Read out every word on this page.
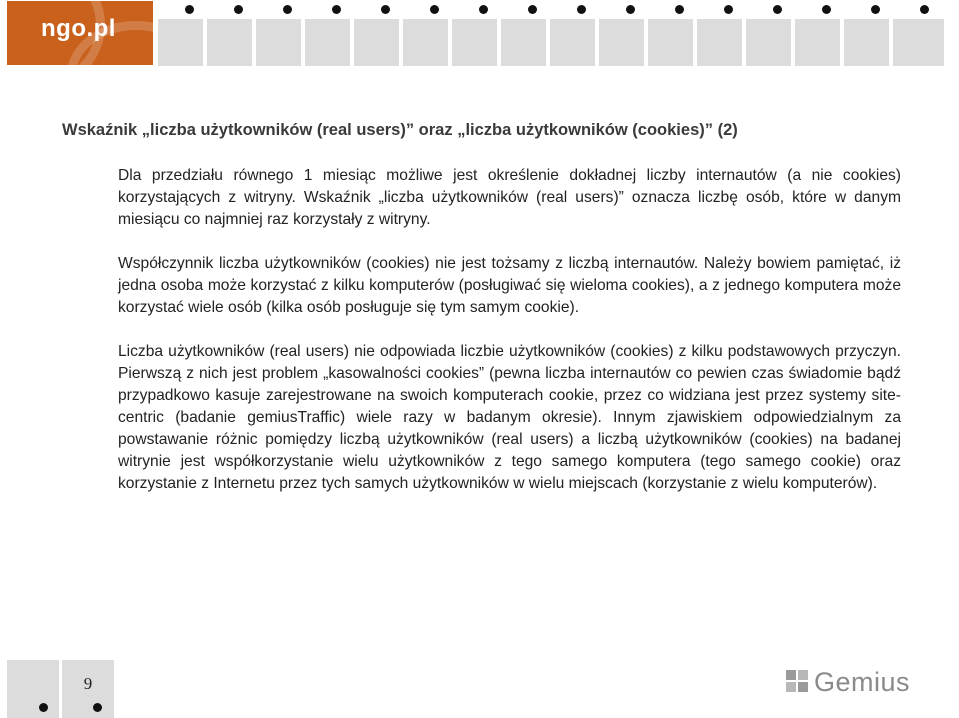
ngo.pl
Wskaźnik „liczba użytkowników (real users)” oraz „liczba użytkowników (cookies)” (2)

Dla przedziału równego 1 miesiąc możliwe jest określenie dokładnej liczby internautów (a nie cookies) korzystających z witryny. Wskaźnik „liczba użytkowników (real users)” oznacza liczbę osób, które w danym miesiącu co najmniej raz korzystały z witryny.

Współczynnik liczba użytkowników (cookies) nie jest tożsamy z liczbą internautów. Należy bowiem pamiętać, iż jedna osoba może korzystać z kilku komputerów (posługiwać się wieloma cookies), a z jednego komputera może korzystać wiele osób (kilka osób posługuje się tym samym cookie).

Liczba użytkowników (real users) nie odpowiada liczbie użytkowników (cookies) z kilku podstawowych przyczyn. Pierwszą z nich jest problem „kasowalności cookies” (pewna liczba internautów co pewien czas świadomie bądź przypadkowo kasuje zarejestrowane na swoich komputerach cookie, przez co widziana jest przez systemy site-centric (badanie gemiusTraffic) wiele razy w badanym okresie). Innym zjawiskiem odpowiedzialnym za powstawanie różnic pomiędzy liczbą użytkowników (real users) a liczbą użytkowników (cookies) na badanej witrynie jest współkorzystanie wielu użytkowników z tego samego komputera (tego samego cookie) oraz korzystanie z Internetu przez tych samych użytkowników w wielu miejscach (korzystanie z wielu komputerów).

9	Gemius
